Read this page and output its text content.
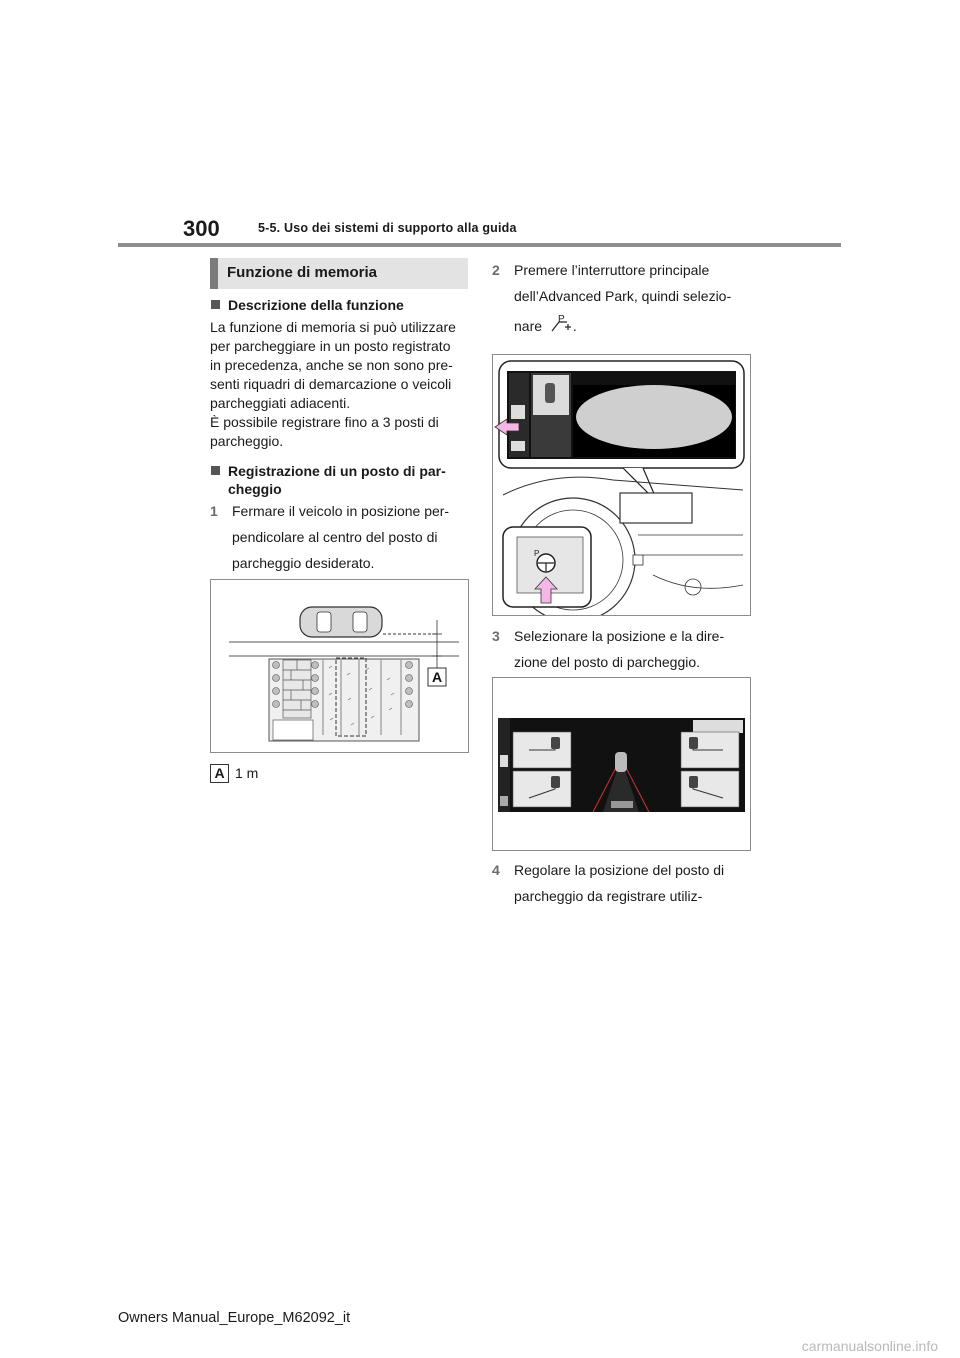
300	5-5. Uso dei sistemi di supporto alla guida
Funzione di memoria
Descrizione della funzione
La funzione di memoria si può utilizzare
per parcheggiare in un posto registrato
in precedenza, anche se non sono pre-
senti riquadri di demarcazione o veicoli
parcheggiati adiacenti.
È possibile registrare fino a 3 posti di
parcheggio.
Registrazione di un posto di par-
cheggio
1 Fermare il veicolo in posizione per-
pendicolare al centro del posto di
parcheggio desiderato.
A
A 1 m
2 Premere l’interruttore principale
dell’Advanced Park, quindi selezio-
nare P .
P
3 Selezionare la posizione e la dire-
zione del posto di parcheggio.
4 Regolare la posizione del posto di
parcheggio da registrare utiliz-
Owners Manual_Europe_M62092_it
carmanualsonline.info
